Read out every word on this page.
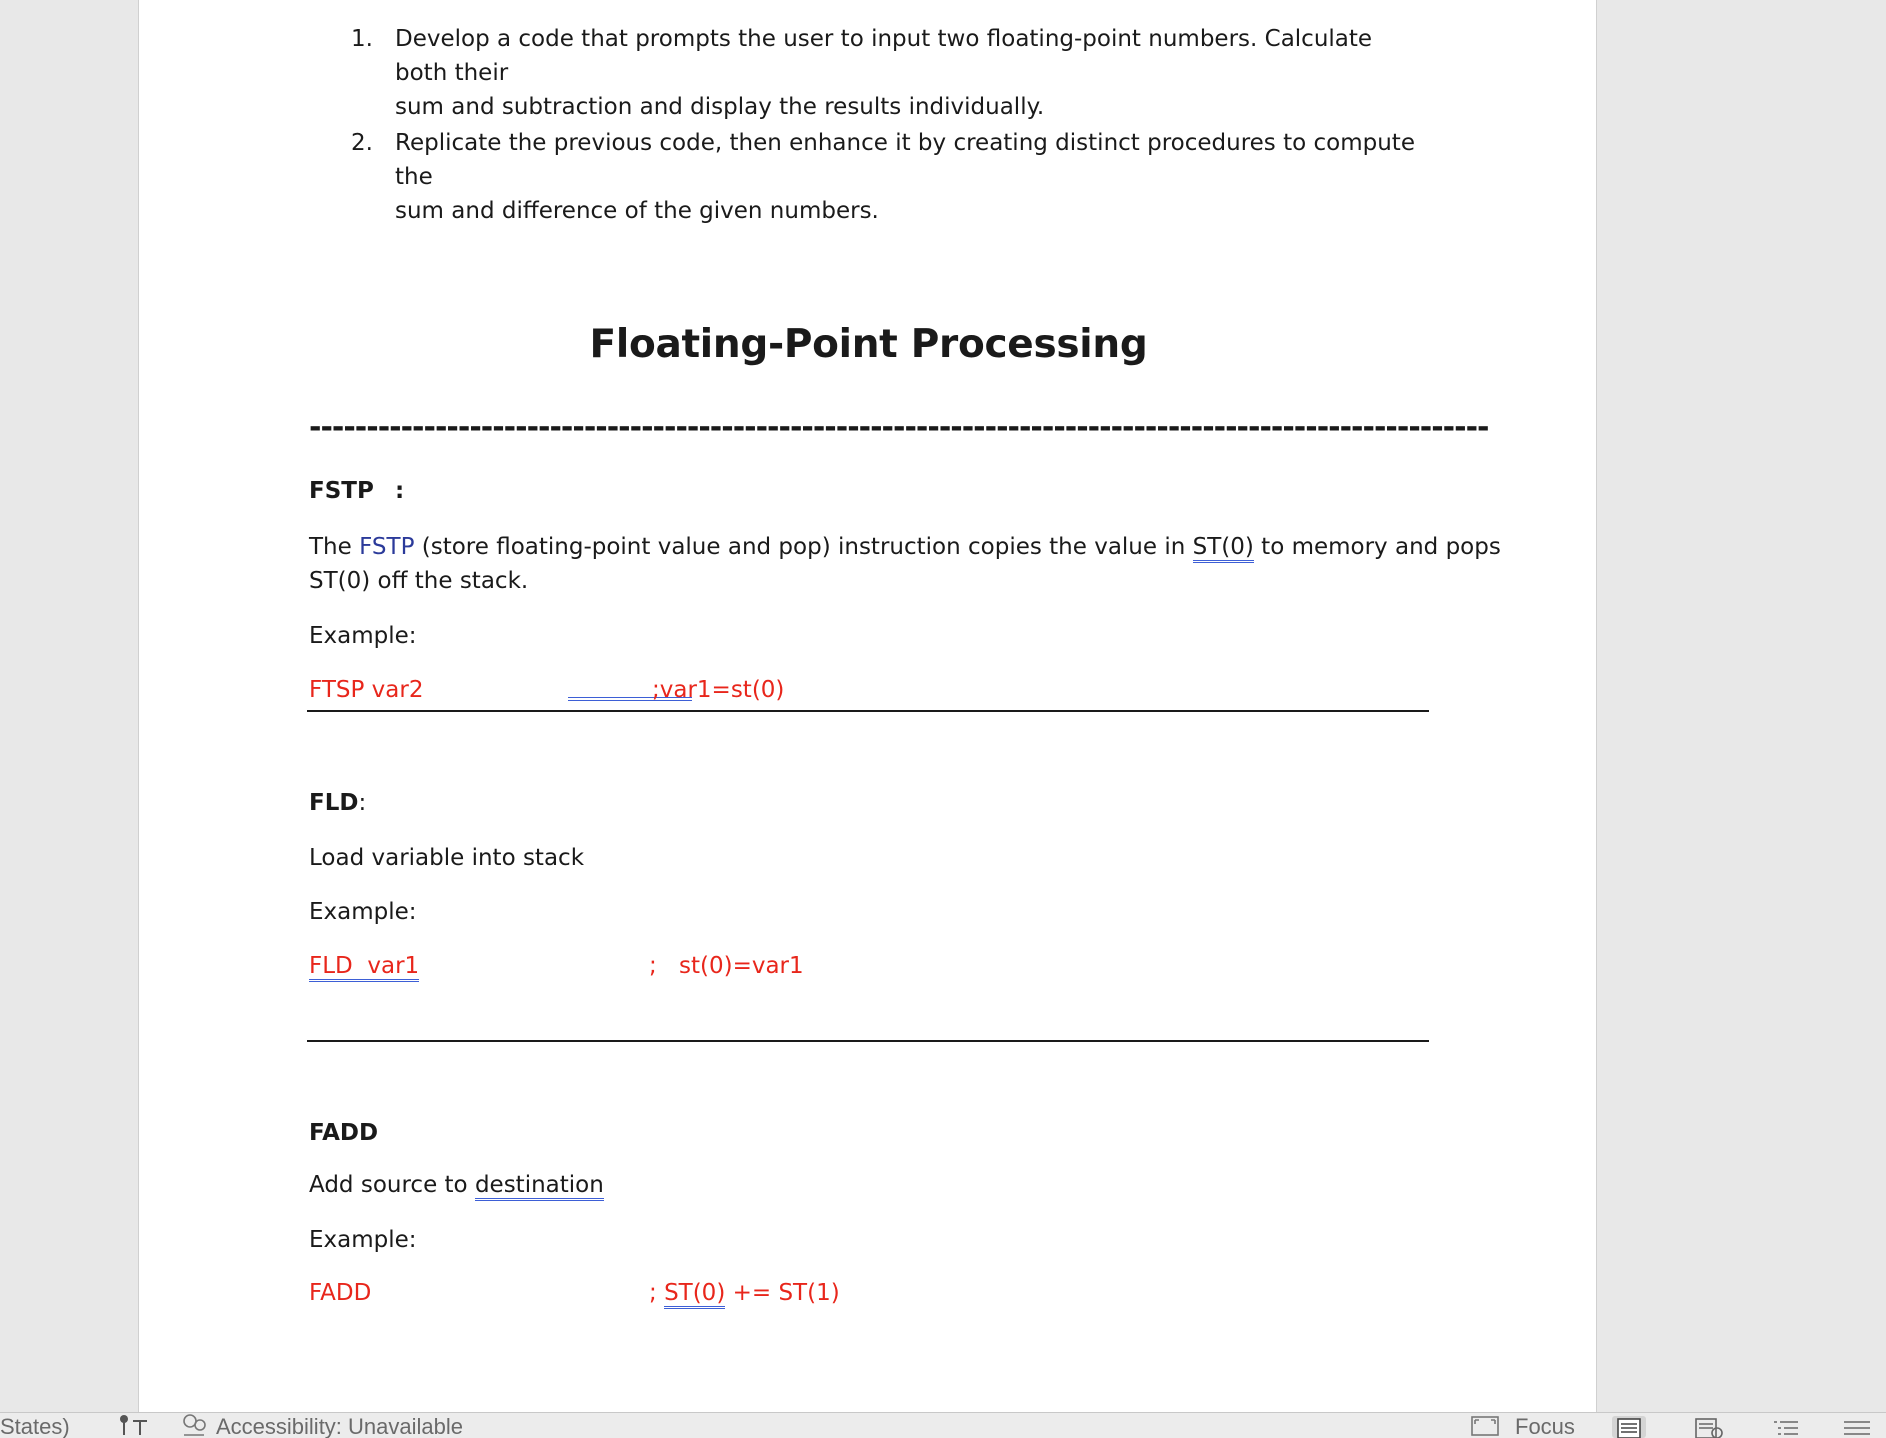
1. Develop a code that prompts the user to input two floating-point numbers. Calculate both their
sum and subtraction and display the results individually.
2. Replicate the previous code, then enhance it by creating distinct procedures to compute the
sum and difference of the given numbers.
Floating-Point Processing
-------------------------------------------------------------------------------------------------------
FSTP :
The FSTP (store floating-point value and pop) instruction copies the value in ST(0) to memory and pops
ST(0) off the stack.
Example:
FTSP var2	;var1=st(0)
FLD:
Load variable into stack
Example:
FLD  var1	; st(0)=var1
FADD
Add source to destination
Example:
FADD	; ST(0) += ST(1)
States)	Accessibility: Unavailable	Focus
